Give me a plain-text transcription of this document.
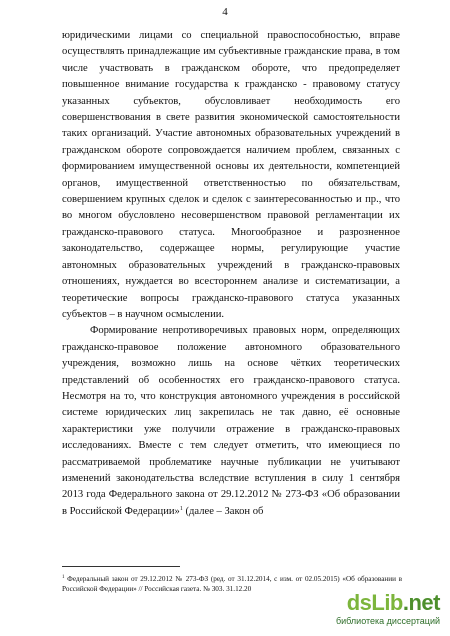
4

юридическими лицами со специальной правоспособностью, вправе осуществлять принадлежащие им субъективные гражданские права, в том числе участвовать в гражданском обороте, что предопределяет повышенное внимание государства к гражданско - правовому статусу указанных субъектов, обусловливает необходимость его совершенствования в свете развития экономической самостоятельности таких организаций. Участие автономных образовательных учреждений в гражданском обороте сопровождается наличием проблем, связанных с формированием имущественной основы их деятельности, компетенцией органов, имущественной ответственностью по обязательствам, совершением крупных сделок и сделок с заинтересованностью и пр., что во многом обусловлено несовершенством правовой регламентации их гражданско-правового статуса. Многообразное и разрозненное законодательство, содержащее нормы, регулирующие участие автономных образовательных учреждений в гражданско-правовых отношениях, нуждается во всестороннем анализе и систематизации, а теоретические вопросы гражданско-правового статуса указанных субъектов – в научном осмыслении.

Формирование непротиворечивых правовых норм, определяющих гражданско-правовое положение автономного образовательного учреждения, возможно лишь на основе чётких теоретических представлений об особенностях его гражданско-правового статуса. Несмотря на то, что конструкция автономного учреждения в российской системе юридических лиц закрепилась не так давно, её основные характеристики уже получили отражение в гражданско-правовых исследованиях. Вместе с тем следует отметить, что имеющиеся по рассматриваемой проблематике научные публикации не учитывают изменений законодательства вследствие вступления в силу 1 сентября 2013 года Федерального закона от 29.12.2012 № 273-ФЗ «Об образовании в Российской Федерации»$^1$ (далее – Закон об

$^1$ Федеральный закон от 29.12.2012 № 273-ФЗ (ред. от 31.12.2014, с изм. от 02.05.2015) «Об образовании в Российской Федерации» // Российская газета. № 303. 31.12.20
dsLib.net
библиотека диссертаций
